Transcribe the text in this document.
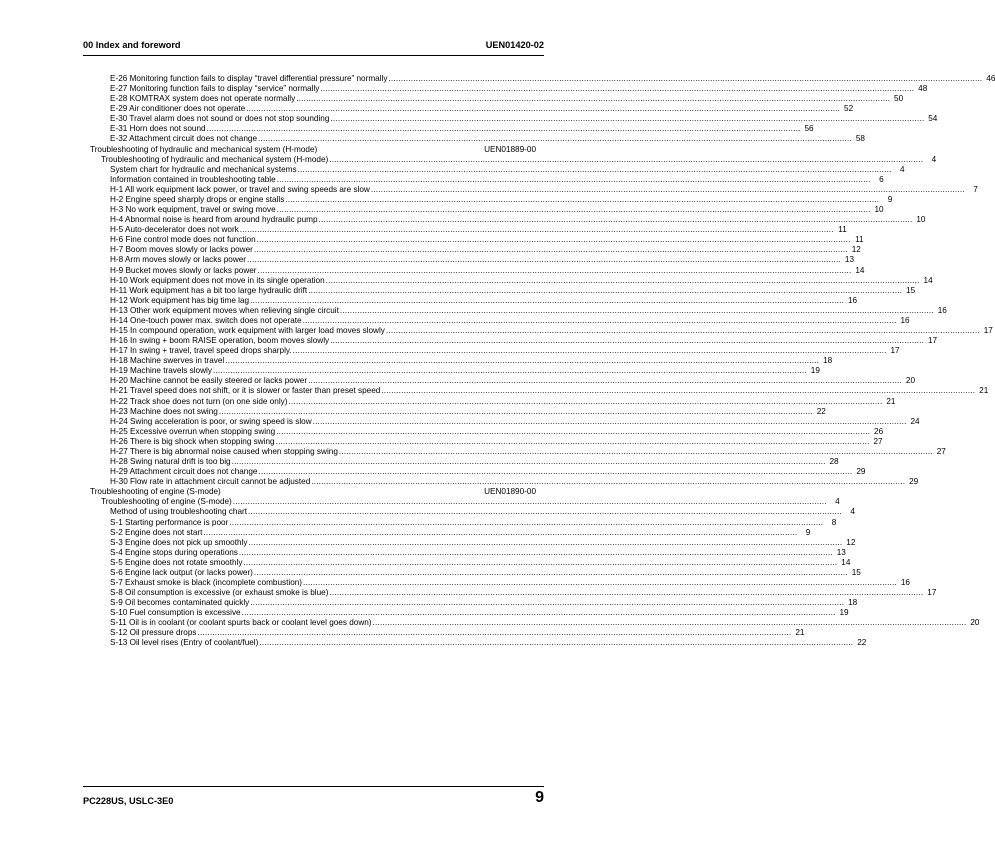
00 Index and foreword	UEN01420-02
E-26 Monitoring function fails to display “travel differential pressure” normally .....	46
E-27 Monitoring function fails to display “service” normally .....	48
E-28 KOMTRAX system does not operate normally .....	50
E-29 Air conditioner does not operate .....	52
E-30 Travel alarm does not sound or does not stop sounding .....	54
E-31 Horn does not sound .....	56
E-32 Attachment circuit does not change .....	58
Troubleshooting of hydraulic and mechanical system (H-mode)	UEN01889-00
Troubleshooting of hydraulic and mechanical system (H-mode) .....	4
System chart for hydraulic and mechanical systems .....	4
Information contained in troubleshooting table .....	6
H-1 All work equipment lack power, or travel and swing speeds are slow .....	7
H-2 Engine speed sharply drops or engine stalls .....	9
H-3 No work equipment, travel or swing move .....	10
H-4 Abnormal noise is heard from around hydraulic pump .....	10
H-5 Auto-decelerator does not work .....	11
H-6 Fine control mode does not function .....	11
H-7 Boom moves slowly or lacks power .....	12
H-8 Arm moves slowly or lacks power .....	13
H-9 Bucket moves slowly or lacks power .....	14
H-10 Work equipment does not move in its single operation .....	14
H-11 Work equipment has a bit too large hydraulic drift .....	15
H-12 Work equipment has big time lag .....	16
H-13 Other work equipment moves when relieving single circuit .....	16
H-14 One-touch power max. switch does not operate .....	16
H-15 In compound operation, work equipment with larger load moves slowly .....	17
H-16 In swing + boom RAISE operation, boom moves slowly .....	17
H-17 In swing + travel, travel speed drops sharply. .....	17
H-18 Machine swerves in travel .....	18
H-19 Machine travels slowly .....	19
H-20 Machine cannot be easily steered or lacks power .....	20
H-21 Travel speed does not shift, or it is slower or faster than preset speed .....	21
H-22 Track shoe does not turn (on one side only) .....	21
H-23 Machine does not swing .....	22
H-24 Swing acceleration is poor, or swing speed is slow .....	24
H-25 Excessive overrun when stopping swing .....	26
H-26 There is big shock when stopping swing .....	27
H-27 There is big abnormal noise caused when stopping swing .....	27
H-28 Swing natural drift is too big .....	28
H-29 Attachment circuit does not change .....	29
H-30 Flow rate in attachment circuit cannot be adjusted .....	29
Troubleshooting of engine (S-mode)	UEN01890-00
Troubleshooting of engine (S-mode) .....	4
Method of using troubleshooting chart .....	4
S-1 Starting performance is poor .....	8
S-2 Engine does not start .....	9
S-3 Engine does not pick up smoothly .....	12
S-4 Engine stops during operations .....	13
S-5 Engine does not rotate smoothly .....	14
S-6 Engine lack output (or lacks power) .....	15
S-7 Exhaust smoke is black (incomplete combustion) .....	16
S-8 Oil consumption is excessive (or exhaust smoke is blue) .....	17
S-9 Oil becomes contaminated quickly .....	18
S-10 Fuel consumption is excessive .....	19
S-11 Oil is in coolant (or coolant spurts back or coolant level goes down) .....	20
S-12 Oil pressure drops .....	21
S-13 Oil level rises (Entry of coolant/fuel) .....	22
PC228US, USLC-3E0	9
